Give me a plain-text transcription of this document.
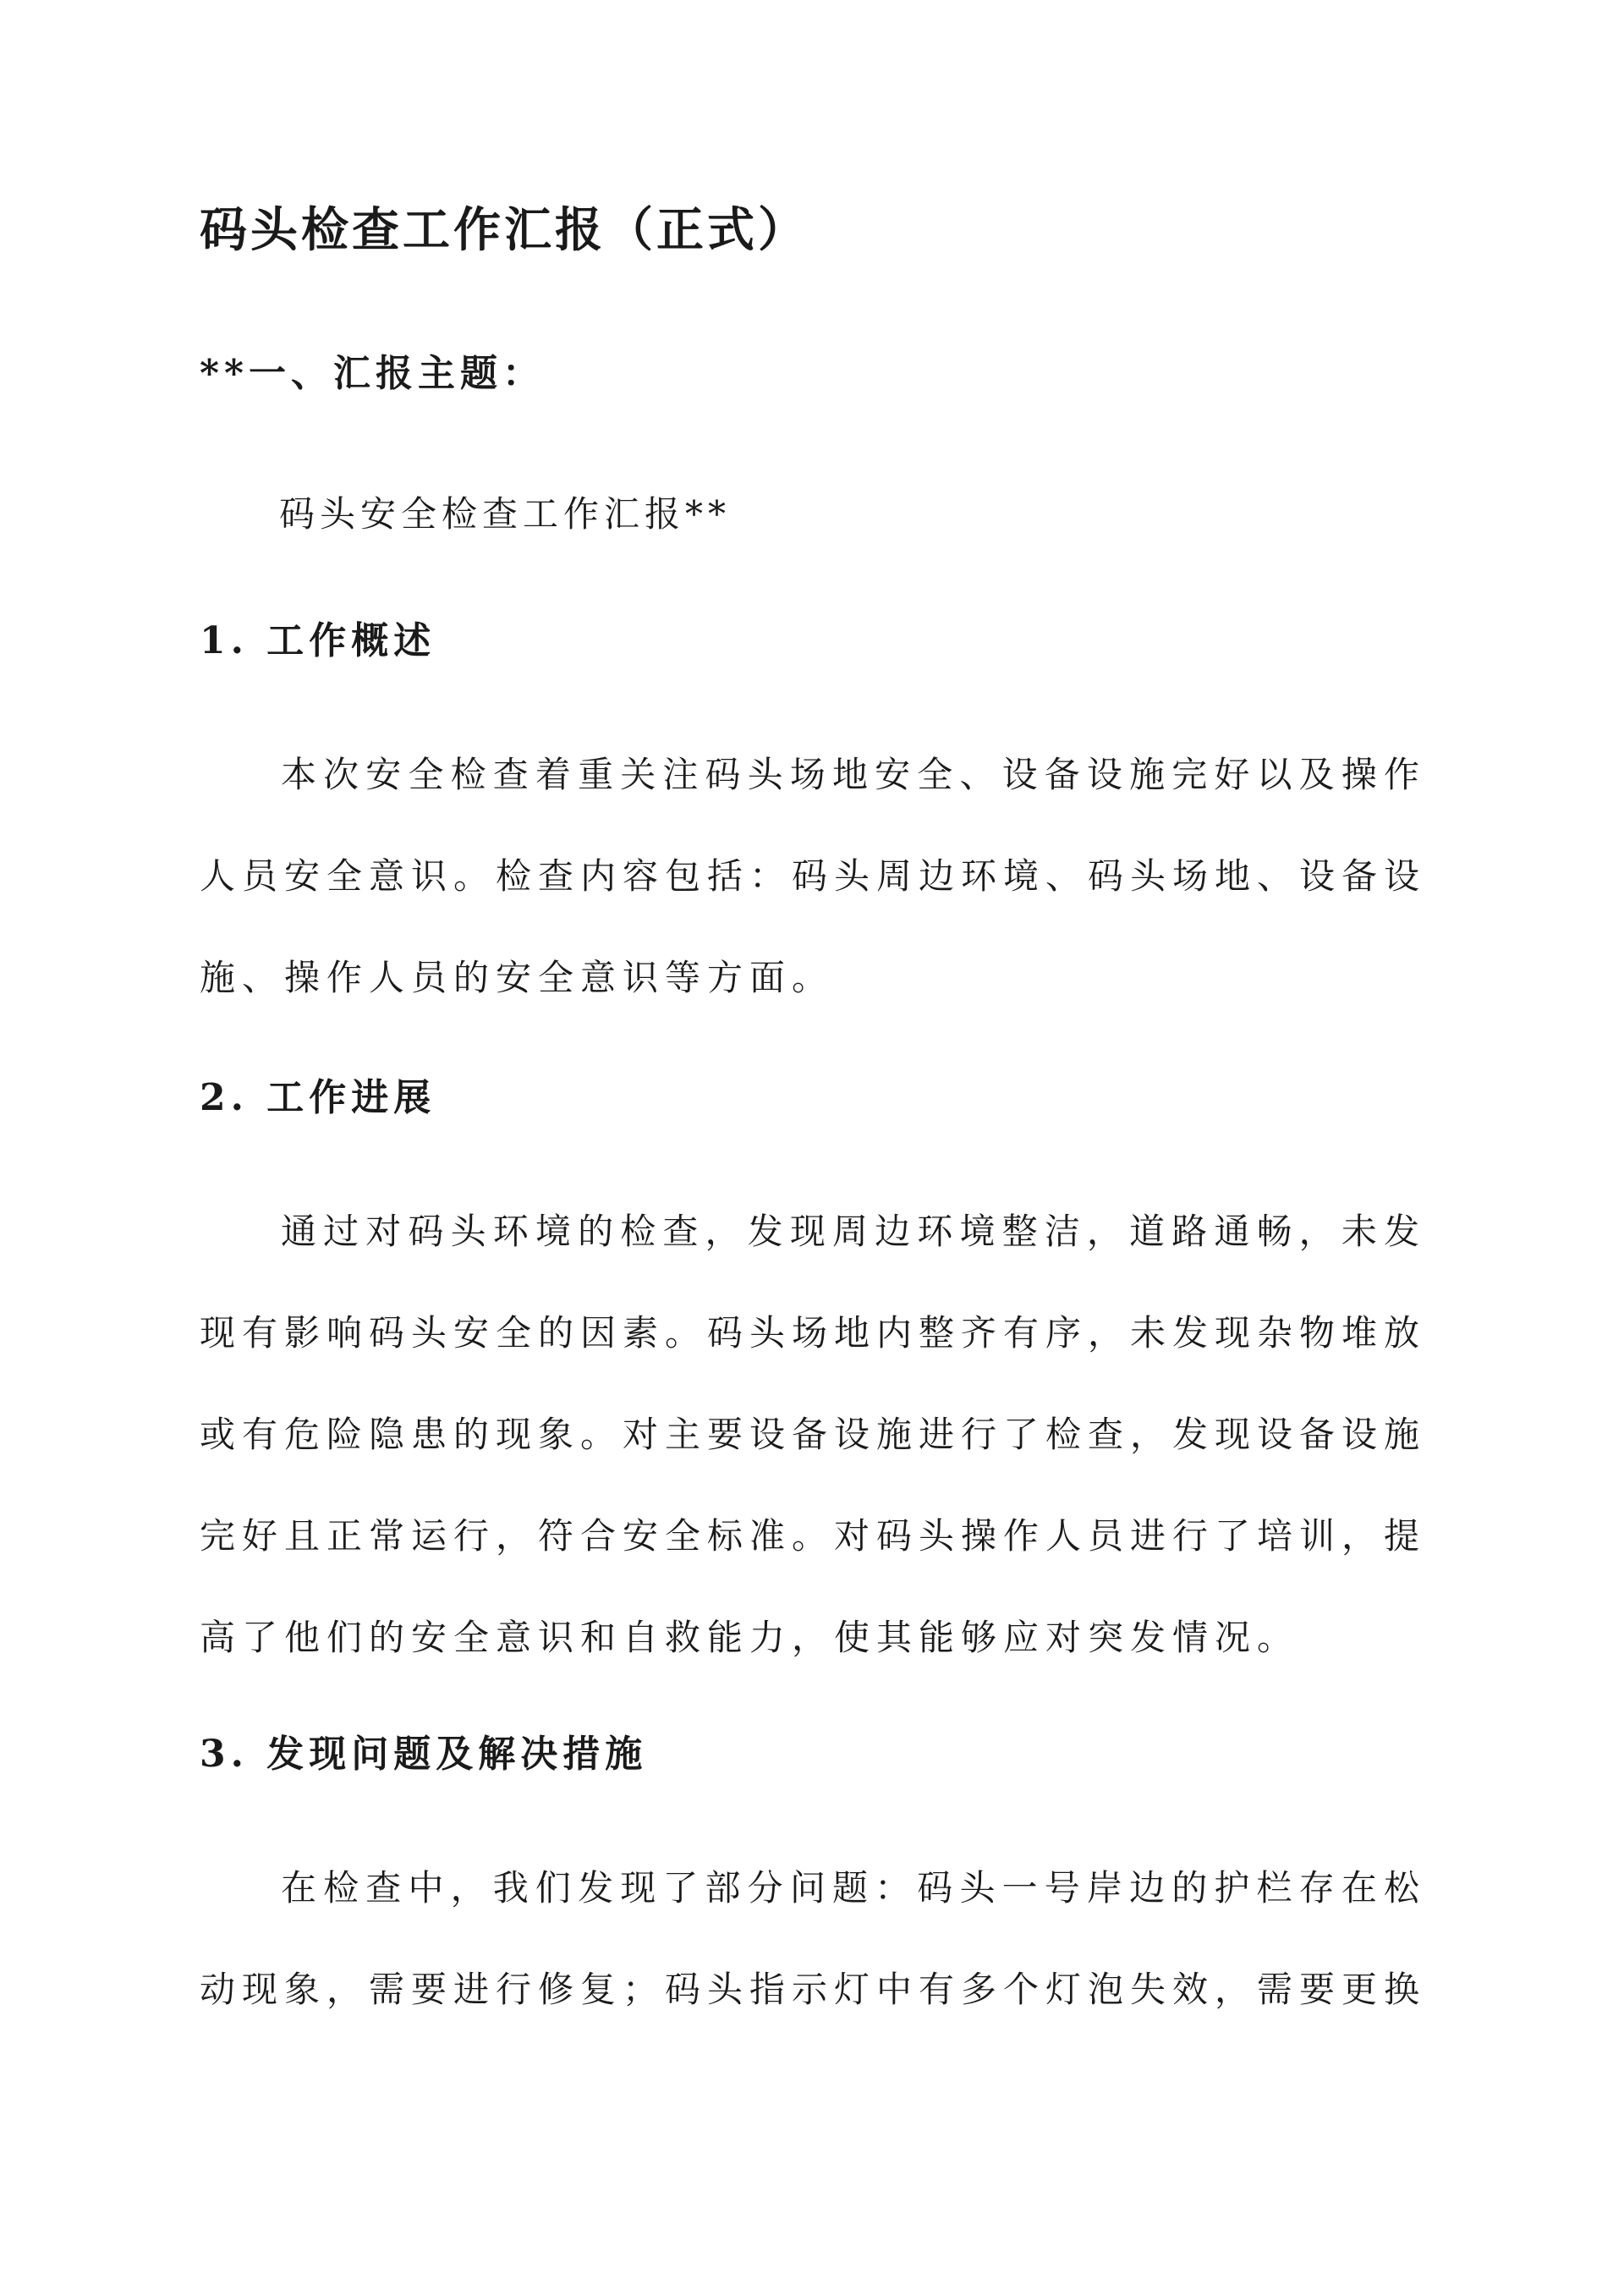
码头检查工作汇报（正式）
**一、汇报主题：

码头安全检查工作汇报**

1. 工作概述

本次安全检查着重关注码头场地安全、设备设施完好以及操作人员安全意识。检查内容包括：码头周边环境、码头场地、设备设施、操作人员的安全意识等方面。

2. 工作进展

通过对码头环境的检查，发现周边环境整洁，道路通畅，未发现有影响码头安全的因素。码头场地内整齐有序，未发现杂物堆放或有危险隐患的现象。对主要设备设施进行了检查，发现设备设施完好且正常运行，符合安全标准。对码头操作人员进行了培训，提高了他们的安全意识和自救能力，使其能够应对突发情况。

3. 发现问题及解决措施

在检查中，我们发现了部分问题：码头一号岸边的护栏存在松动现象，需要进行修复；码头指示灯中有多个灯泡失效，需要更换
